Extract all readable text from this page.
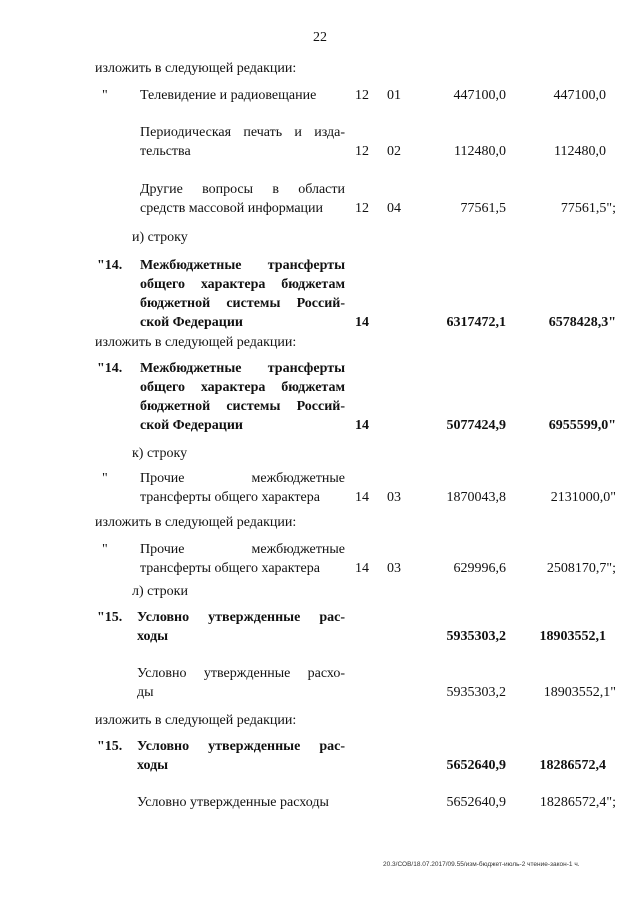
22
изложить в следующей редакции:
" Телевидение и радиовещание	12	01	447100,0	447100,0
Периодическая печать и изда-
тельства	12	02	112480,0	112480,0
Другие вопросы в области
средств массовой информации	12	04	77561,5	77561,5";
и) строку
"14. Межбюджетные трансферты
общего характера бюджетам
бюджетной системы Россий-
ской Федерации	14	6317472,1	6578428,3"
изложить в следующей редакции:
"14. Межбюджетные трансферты
общего характера бюджетам
бюджетной системы Россий-
ской Федерации	14	5077424,9	6955599,0"
к) строку
" Прочие межбюджетные
трансферты общего характера	14	03	1870043,8	2131000,0"
изложить в следующей редакции:
" Прочие межбюджетные
трансферты общего характера	14	03	629996,6	2508170,7";
л) строки
"15. Условно утвержденные рас-
ходы	5935303,2	18903552,1
Условно утвержденные расхо-
ды	5935303,2	18903552,1"
изложить в следующей редакции:
"15. Условно утвержденные рас-
ходы	5652640,9	18286572,4
Условно утвержденные расходы	5652640,9	18286572,4";
20.3/СОВ/18.07.2017/09.55/изм-бюджет-июль-2 чтение-закон-1 ч.
